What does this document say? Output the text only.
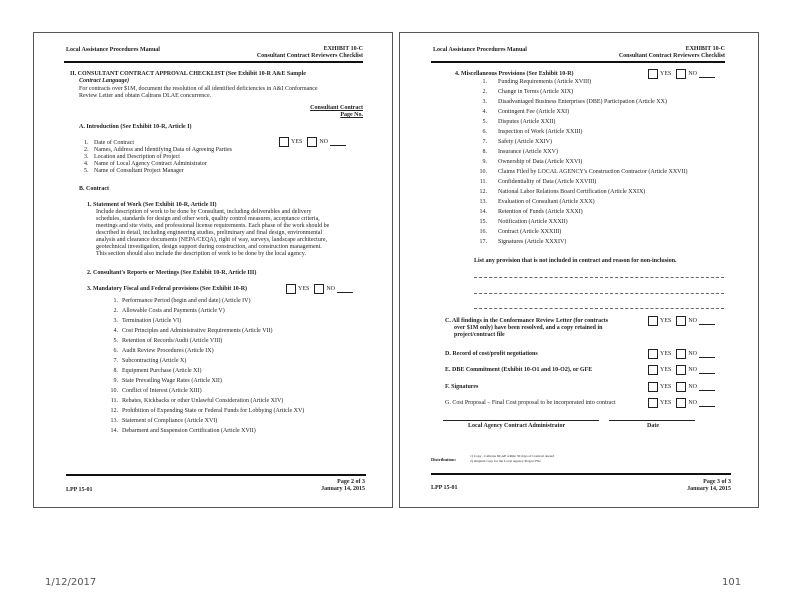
Local Assistance Procedures Manual	EXHIBIT 10-C
Consultant Contract Reviewers Checklist
II. CONSULTANT CONTRACT APPROVAL CHECKLIST (See Exhibit 10-R A&E Sample
Contract Language)
For contracts over $1M, document the resolution of all identified deficiencies in A&I Conformance
Review Letter and obtain Caltrans DLAE concurrence.
Consultant Contract
Page No.
A. Introduction (See Exhibit 10-R, Article I)
1. Date of Contract
2. Names, Address and Identifying Data of Agreeing Parties
3. Location and Description of Project
4. Name of Local Agency Contract Administrator
5. Name of Consultant Project Manager
YES	NO
B. Contract
1. Statement of Work (See Exhibit 10-R, Article II)
Include description of work to be done by Consultant, including deliverables and delivery
schedules, standards for design and other work, quality control measures, acceptance criteria,
meetings and site visits, and professional license requirements. Each phase of the work should be
described in detail, including engineering studies, preliminary and final design, environmental
analysis and clearance documents (NEPA/CEQA), right of way, surveys, landscape architecture,
geotechnical investigation, design support during construction, and construction management.
This section should also include the description of work to be done by the local agency.
2. Consultant's Reports or Meetings (See Exhibit 10-R, Article III)
3. Mandatory Fiscal and Federal provisions (See Exhibit 10-R)	YES	NO
1. Performance Period (begin and end date) (Article IV)
2. Allowable Costs and Payments (Article V)
3. Termination (Article VI)
4. Cost Principles and Administrative Requirements (Article VII)
5. Retention of Records/Audit (Article VIII)
6. Audit Review Procedures (Article IX)
7. Subcontracting (Article X)
8. Equipment Purchase (Article XI)
9. State Prevailing Wage Rates (Article XII)
10. Conflict of Interest (Article XIII)
11. Rebates, Kickbacks or other Unlawful Consideration (Article XIV)
12. Prohibition of Expending State or Federal Funds for Lobbying (Article XV)
13. Statement of Compliance (Article XVI)
14. Debarment and Suspension Certification (Article XVII)
LPP 15-01
Page 2 of 3
January 14, 2015
Local Assistance Procedures Manual	EXHIBIT 10-C
Consultant Contract Reviewers Checklist
4. Miscellaneous Provisions (See Exhibit 10-R)	YES	NO
1. Funding Requirements (Article XVIII)
2. Change in Terms (Article XIX)
3. Disadvantaged Business Enterprises (DBE) Participation (Article XX)
4. Contingent Fee (Article XXI)
5. Disputes (Article XXII)
6. Inspection of Work (Article XXIII)
7. Safety (Article XXIV)
8. Insurance (Article XXV)
9. Ownership of Data (Article XXVI)
10. Claims Filed by LOCAL AGENCY's Construction Contractor (Article XXVII)
11. Confidentiality of Data (Article XXVIII)
12. National Labor Relations Board Certification (Article XXIX)
13. Evaluation of Consultant (Article XXX)
14. Retention of Funds (Article XXXI)
15. Notification (Article XXXII)
16. Contract (Article XXXIII)
17. Signatures (Article XXXIV)
List any provision that is not included in contract and reason for non-inclusion.
C. All findings in the Conformance Review Letter (for contracts
over $1M only) have been resolved, and a copy retained in
project/contract file
YES	NO
D. Record of cost/profit negotiations	YES	NO
E. DBE Commitment (Exhibit 10-O1 and 10-O2), or GFE	YES	NO
F. Signatures	YES	NO
G. Cost Proposal – Final Cost proposal to be incorporated into contract	YES	NO
Local Agency Contract Administrator	Date
Distribution:
1) Copy - Caltrans DLAE within 30 days of Contract Award
2) Original copy for the Local Agency Project File
LPP 15-01
Page 3 of 3
January 14, 2015
1/12/2017	101
